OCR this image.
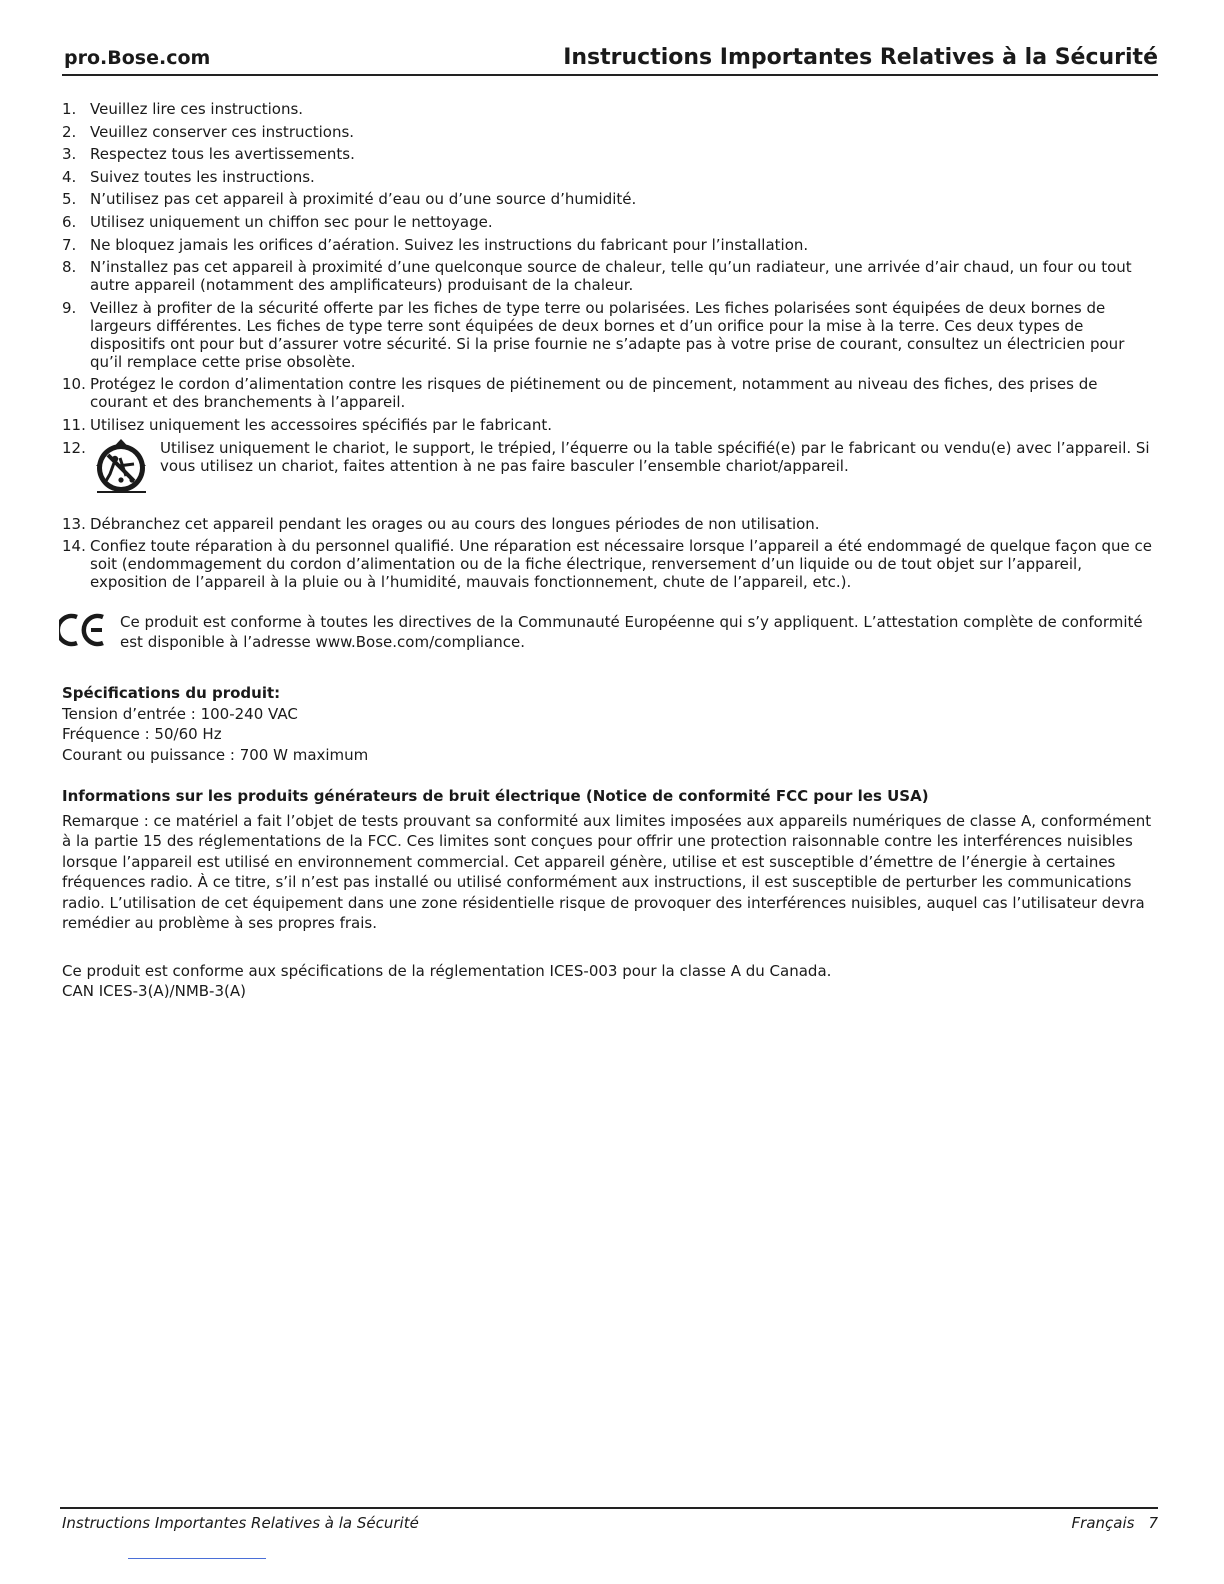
pro.Bose.com	Instructions Importantes Relatives à la Sécurité
1. Veuillez lire ces instructions.
2. Veuillez conserver ces instructions.
3. Respectez tous les avertissements.
4. Suivez toutes les instructions.
5. N’utilisez pas cet appareil à proximité d’eau ou d’une source d’humidité.
6. Utilisez uniquement un chiffon sec pour le nettoyage.
7. Ne bloquez jamais les orifices d’aération. Suivez les instructions du fabricant pour l’installation.
8. N’installez pas cet appareil à proximité d’une quelconque source de chaleur, telle qu’un radiateur, une arrivée d’air chaud, un four ou tout autre appareil (notamment des amplificateurs) produisant de la chaleur.
9. Veillez à profiter de la sécurité offerte par les fiches de type terre ou polarisées. Les fiches polarisées sont équipées de deux bornes de largeurs différentes. Les fiches de type terre sont équipées de deux bornes et d’un orifice pour la mise à la terre. Ces deux types de dispositifs ont pour but d’assurer votre sécurité. Si la prise fournie ne s’adapte pas à votre prise de courant, consultez un électricien pour qu’il remplace cette prise obsolète.
10. Protégez le cordon d’alimentation contre les risques de piétinement ou de pincement, notamment au niveau des fiches, des prises de courant et des branchements à l’appareil.
11. Utilisez uniquement les accessoires spécifiés par le fabricant.
12.	Utilisez uniquement le chariot, le support, le trépied, l’équerre ou la table spécifié(e) par le fabricant ou vendu(e) avec l’appareil. Si vous utilisez un chariot, faites attention à ne pas faire basculer l’ensemble chariot/appareil.
13. Débranchez cet appareil pendant les orages ou au cours des longues périodes de non utilisation.
14. Confiez toute réparation à du personnel qualifié. Une réparation est nécessaire lorsque l’appareil a été endommagé de quelque façon que ce soit (endommagement du cordon d’alimentation ou de la fiche électrique, renversement d’un liquide ou de tout objet sur l’appareil, exposition de l’appareil à la pluie ou à l’humidité, mauvais fonctionnement, chute de l’appareil, etc.).
Ce produit est conforme à toutes les directives de la Communauté Européenne qui s’y appliquent. L’attestation complète de conformité est disponible à l’adresse www.Bose.com/compliance.
Spécifications du produit:
Tension d’entrée : 100-240 VAC
Fréquence : 50/60 Hz
Courant ou puissance : 700 W maximum
Informations sur les produits générateurs de bruit électrique (Notice de conformité FCC pour les USA)
Remarque : ce matériel a fait l’objet de tests prouvant sa conformité aux limites imposées aux appareils numériques de classe A, conformément à la partie 15 des réglementations de la FCC. Ces limites sont conçues pour offrir une protection raisonnable contre les interférences nuisibles lorsque l’appareil est utilisé en environnement commercial. Cet appareil génère, utilise et est susceptible d’émettre de l’énergie à certaines fréquences radio. À ce titre, s’il n’est pas installé ou utilisé conformément aux instructions, il est susceptible de perturber les communications radio. L’utilisation de cet équipement dans une zone résidentielle risque de provoquer des interférences nuisibles, auquel cas l’utilisateur devra remédier au problème à ses propres frais.
Ce produit est conforme aux spécifications de la réglementation ICES-003 pour la classe A du Canada.
CAN ICES-3(A)/NMB-3(A)
Instructions Importantes Relatives à la Sécurité	Français 7
